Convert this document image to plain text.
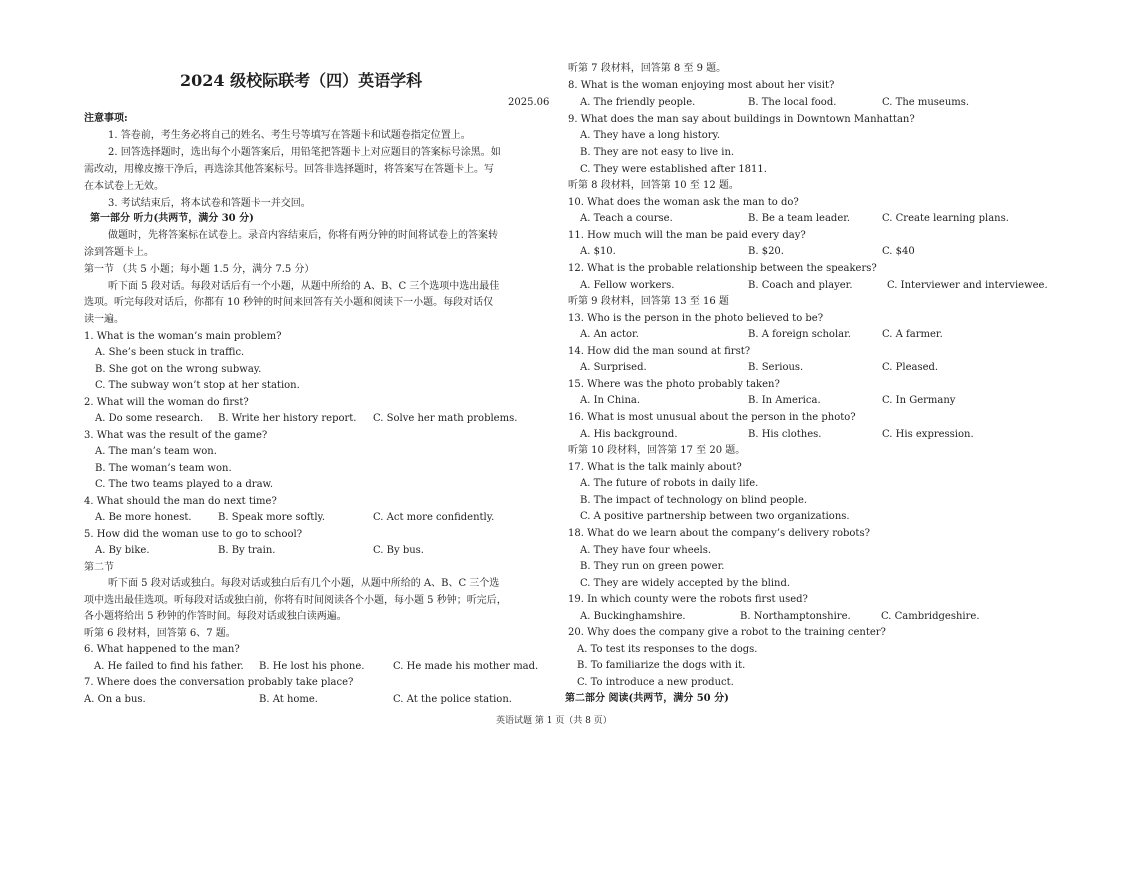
2024 级校际联考（四）英语学科
2025.06
注意事项:
1. 答卷前，考生务必将自己的姓名、考生号等填写在答题卡和试题卷指定位置上。
2. 回答选择题时，选出每个小题答案后，用铅笔把答题卡上对应题目的答案标号涂黑。如
需改动，用橡皮擦干净后，再选涂其他答案标号。回答非选择题时，将答案写在答题卡上。写
在本试卷上无效。
3. 考试结束后，将本试卷和答题卡一并交回。
第一部分 听力(共两节，满分 30 分)
做题时，先将答案标在试卷上。录音内容结束后，你将有两分钟的时间将试卷上的答案转
涂到答题卡上。
第一节 （共 5 小题；每小题 1.5 分，满分 7.5 分）
听下面 5 段对话。每段对话后有一个小题，从题中所给的 A、B、C 三个选项中选出最佳
选项。听完每段对话后，你都有 10 秒钟的时间来回答有关小题和阅读下一小题。每段对话仅
读一遍。
1. What is the woman’s main problem?
A. She’s been stuck in traffic.
B. She got on the wrong subway.
C. The subway won’t stop at her station.
2. What will the woman do first?
A. Do some research. B. Write her history report. C. Solve her math problems.
3. What was the result of the game?
A. The man’s team won.
B. The woman’s team won.
C. The two teams played to a draw.
4. What should the man do next time?
A. Be more honest.	B. Speak more softly.	C. Act more confidently.
5. How did the woman use to go to school?
A. By bike.	B. By train.	C. By bus.
第二节
听下面 5 段对话或独白。每段对话或独白后有几个小题，从题中所给的 A、B、C 三个选
项中选出最佳选项。听每段对话或独白前，你将有时间阅读各个小题，每小题 5 秒钟；听完后，
各小题将给出 5 秒钟的作答时间。每段对话或独白读两遍。
听第 6 段材料，回答第 6、7 题。
6. What happened to the man?
A. He failed to find his father. B. He lost his phone.	C. He made his mother mad.
7. Where does the conversation probably take place?
A. On a bus.	B. At home.	C. At the police station.
听第 7 段材料，回答第 8 至 9 题。
8. What is the woman enjoying most about her visit?
A. The friendly people.	B. The local food.	C. The museums.
9. What does the man say about buildings in Downtown Manhattan?
A. They have a long history.
B. They are not easy to live in.
C. They were established after 1811.
听第 8 段材料，回答第 10 至 12 题。
10. What does the woman ask the man to do?
A. Teach a course.	B. Be a team leader.	C. Create learning plans.
11. How much will the man be paid every day?
A. $10.	B. $20.	C. $40
12. What is the probable relationship between the speakers?
A. Fellow workers.	B. Coach and player.	C. Interviewer and interviewee.
听第 9 段材料，回答第 13 至 16 题
13. Who is the person in the photo believed to be?
A. An actor.	B. A foreign scholar.	C. A farmer.
14. How did the man sound at first?
A. Surprised.	B. Serious.	C. Pleased.
15. Where was the photo probably taken?
A. In China.	B. In America.	C. In Germany
16. What is most unusual about the person in the photo?
A. His background.	B. His clothes.	C. His expression.
听第 10 段材料，回答第 17 至 20 题。
17. What is the talk mainly about?
A. The future of robots in daily life.
B. The impact of technology on blind people.
C. A positive partnership between two organizations.
18. What do we learn about the company’s delivery robots?
A. They have four wheels.
B. They run on green power.
C. They are widely accepted by the blind.
19. In which county were the robots first used?
A. Buckinghamshire.	B. Northamptonshire.	C. Cambridgeshire.
20. Why does the company give a robot to the training center?
A. To test its responses to the dogs.
B. To familiarize the dogs with it.
C. To introduce a new product.
第二部分 阅读(共两节，满分 50 分)
英语试题 第 1 页（共 8 页）
